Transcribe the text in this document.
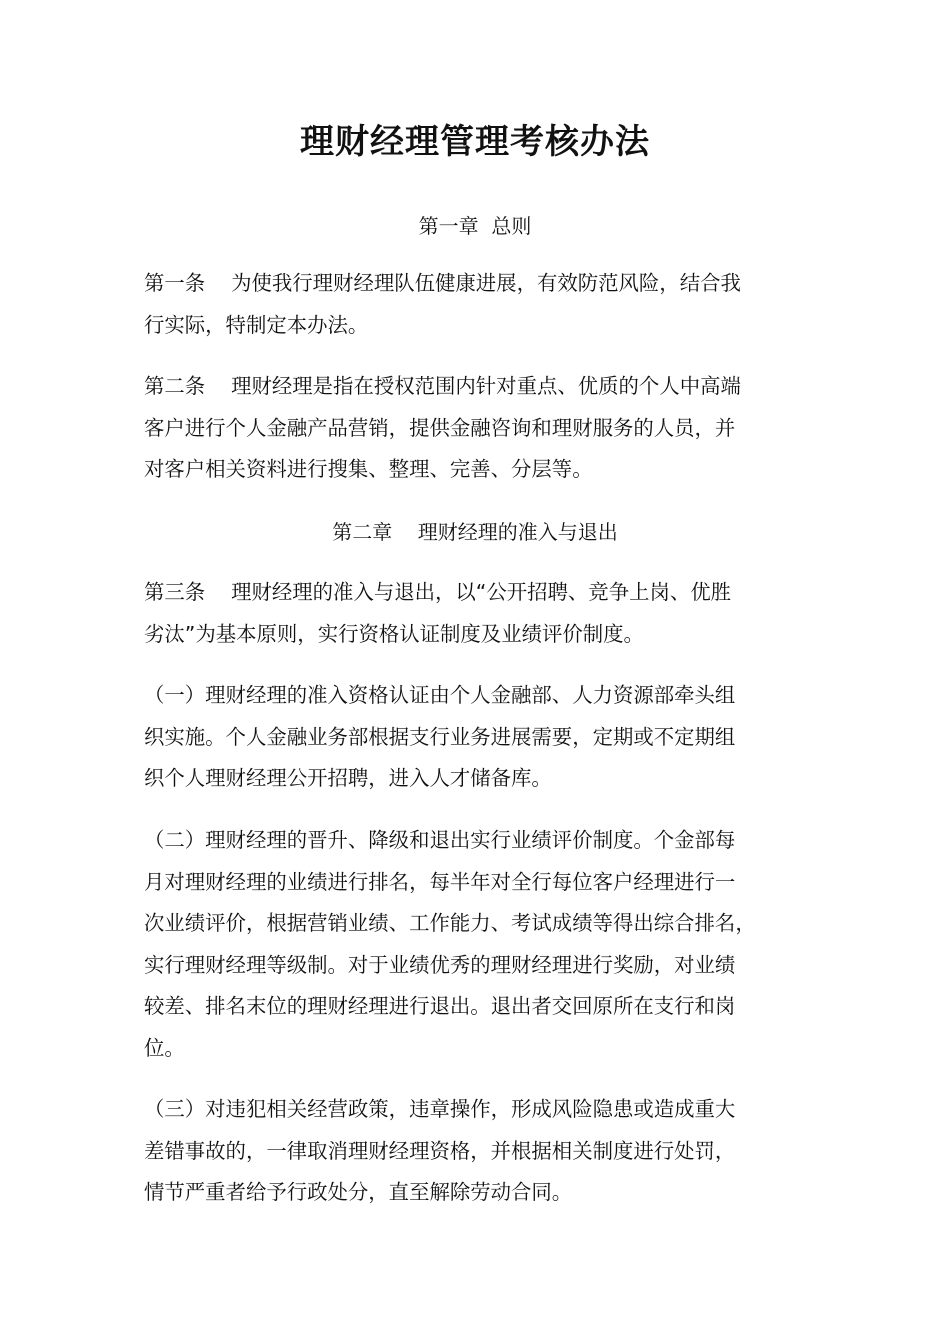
理财经理管理考核办法

第一章  总则

第一条    为使我行理财经理队伍健康进展，有效防范风险，结合我
行实际，特制定本办法。

第二条    理财经理是指在授权范围内针对重点、优质的个人中高端
客户进行个人金融产品营销，提供金融咨询和理财服务的人员，并
对客户相关资料进行搜集、整理、完善、分层等。

第二章    理财经理的准入与退出

第三条    理财经理的准入与退出，以“公开招聘、竞争上岗、优胜
劣汰”为基本原则，实行资格认证制度及业绩评价制度。

（一）理财经理的准入资格认证由个人金融部、人力资源部牵头组
织实施。个人金融业务部根据支行业务进展需要，定期或不定期组
织个人理财经理公开招聘，进入人才储备库。

（二）理财经理的晋升、降级和退出实行业绩评价制度。个金部每
月对理财经理的业绩进行排名，每半年对全行每位客户经理进行一
次业绩评价，根据营销业绩、工作能力、考试成绩等得出综合排名，
实行理财经理等级制。对于业绩优秀的理财经理进行奖励，对业绩
较差、排名末位的理财经理进行退出。退出者交回原所在支行和岗
位。

（三）对违犯相关经营政策，违章操作，形成风险隐患或造成重大
差错事故的，一律取消理财经理资格，并根据相关制度进行处罚，
情节严重者给予行政处分，直至解除劳动合同。
